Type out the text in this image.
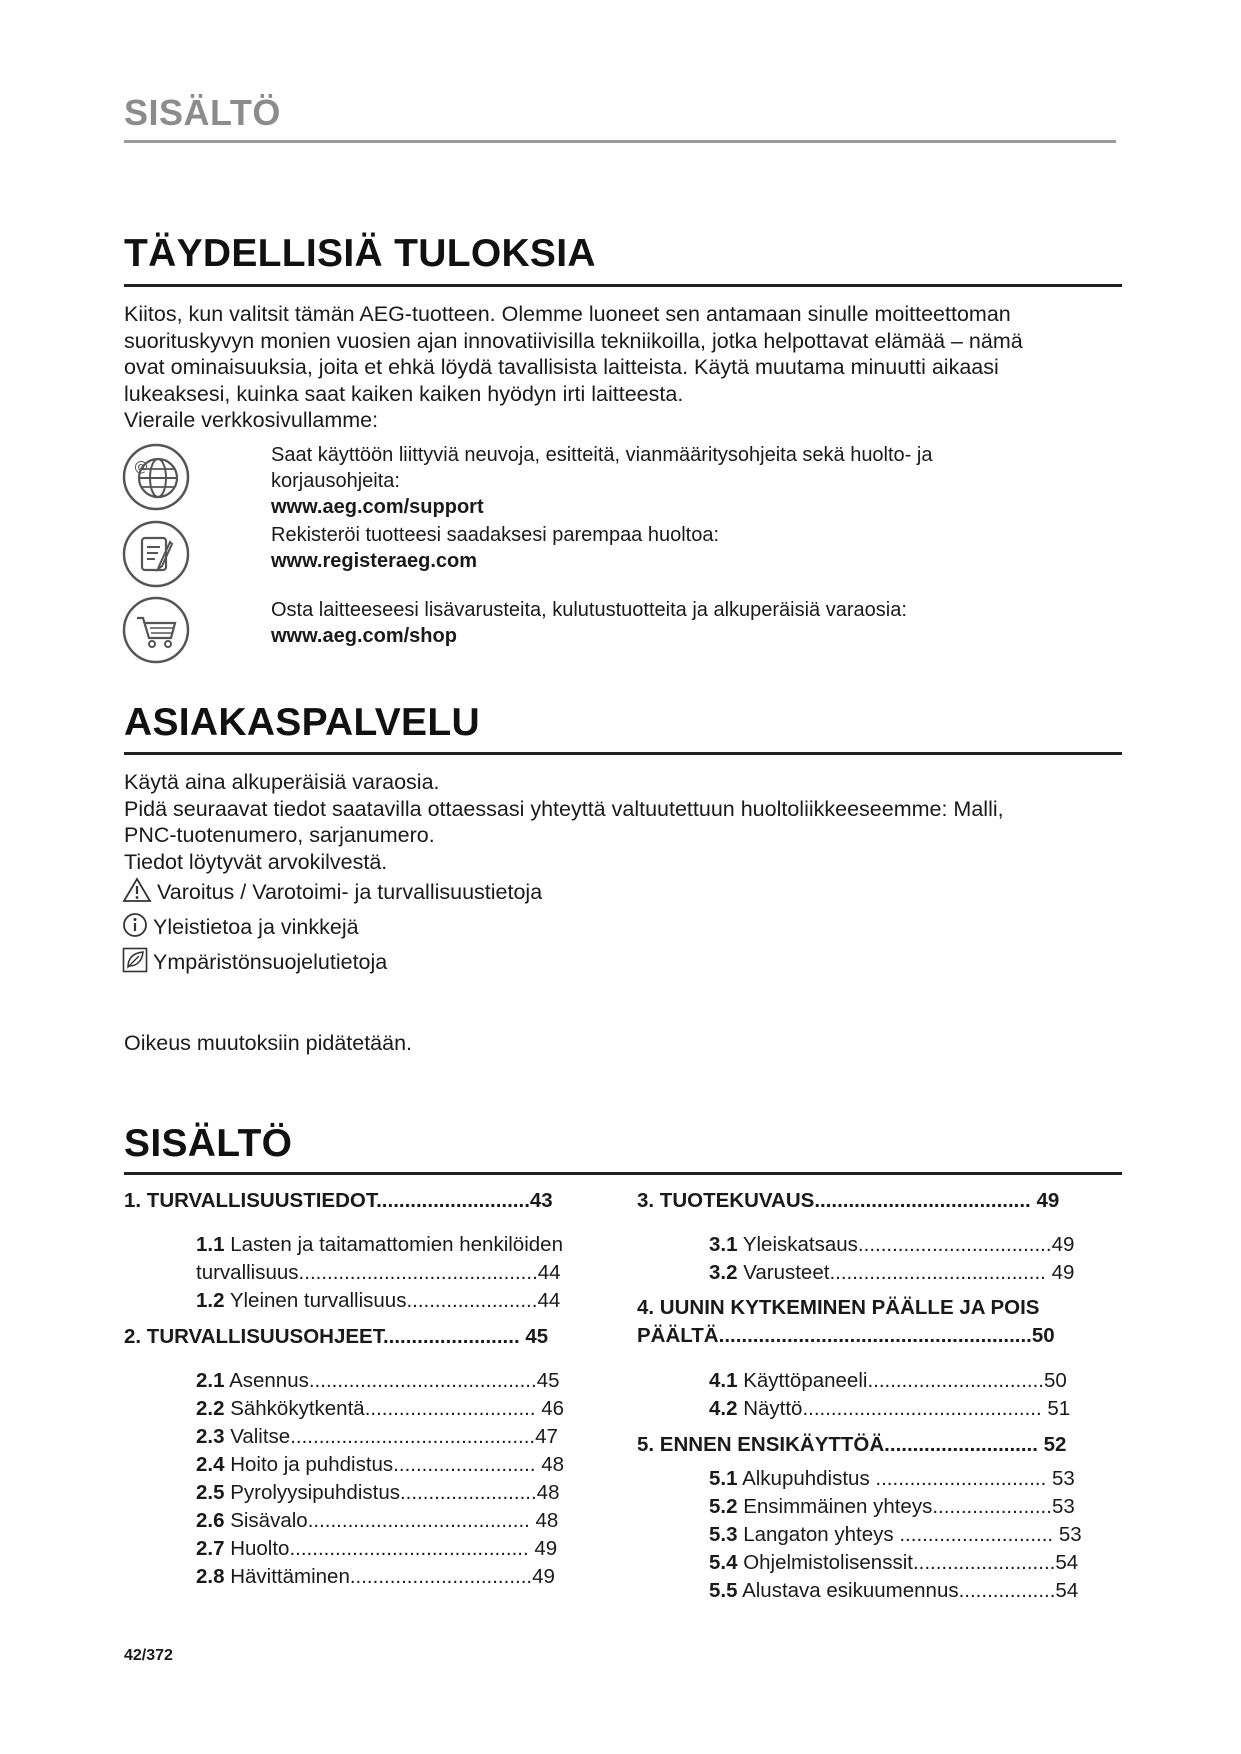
SISÄLTÖ
TÄYDELLISIÄ TULOKSIA
Kiitos, kun valitsit tämän AEG-tuotteen. Olemme luoneet sen antamaan sinulle moitteettoman
suorituskyvyn monien vuosien ajan innovatiivisilla tekniikoilla, jotka helpottavat elämää – nämä
ovat ominaisuuksia, joita et ehkä löydä tavallisista laitteista. Käytä muutama minuutti aikaasi
lukeaksesi, kuinka saat kaiken kaiken hyödyn irti laitteesta.
Vieraile verkkosivullamme:
@
Saat käyttöön liittyviä neuvoja, esitteitä, vianmääritysohjeita sekä huolto- ja
korjausohjeita:
www.aeg.com/support
Rekisteröi tuotteesi saadaksesi parempaa huoltoa:
www.registeraeg.com
Osta laitteeseesi lisävarusteita, kulutustuotteita ja alkuperäisiä varaosia:
www.aeg.com/shop
ASIAKASPALVELU
Käytä aina alkuperäisiä varaosia.
Pidä seuraavat tiedot saatavilla ottaessasi yhteyttä valtuutettuun huoltoliikkeeseemme: Malli,
PNC-tuotenumero, sarjanumero.
Tiedot löytyvät arvokilvestä.
Varoitus / Varotoimi- ja turvallisuustietoja
Yleistietoa ja vinkkejä
Ympäristönsuojelutietoja
Oikeus muutoksiin pidätetään.
SISÄLTÖ
1. TURVALLISUUSTIEDOT...........................43
1.1 Lasten ja taitamattomien henkilöiden
turvallisuus..........................................44
1.2 Yleinen turvallisuus.......................44
2. TURVALLISUUSOHJEET........................ 45
2.1 Asennus........................................45
2.2 Sähkökytkentä.............................. 46
2.3 Valitse...........................................47
2.4 Hoito ja puhdistus......................... 48
2.5 Pyrolyysipuhdistus........................48
2.6 Sisävalo....................................... 48
2.7 Huolto.......................................... 49
2.8 Hävittäminen................................49
3. TUOTEKUVAUS...................................... 49
3.1 Yleiskatsaus..................................49
3.2 Varusteet...................................... 49
4. UUNIN KYTKEMINEN PÄÄLLE JA POIS
PÄÄLTÄ.......................................................50
4.1 Käyttöpaneeli...............................50
4.2 Näyttö.......................................... 51
5. ENNEN ENSIKÄYTTÖÄ........................... 52
5.1 Alkupuhdistus .............................. 53
5.2 Ensimmäinen yhteys.....................53
5.3 Langaton yhteys ........................... 53
5.4 Ohjelmistolisenssit.........................54
5.5 Alustava esikuumennus.................54
42/372
